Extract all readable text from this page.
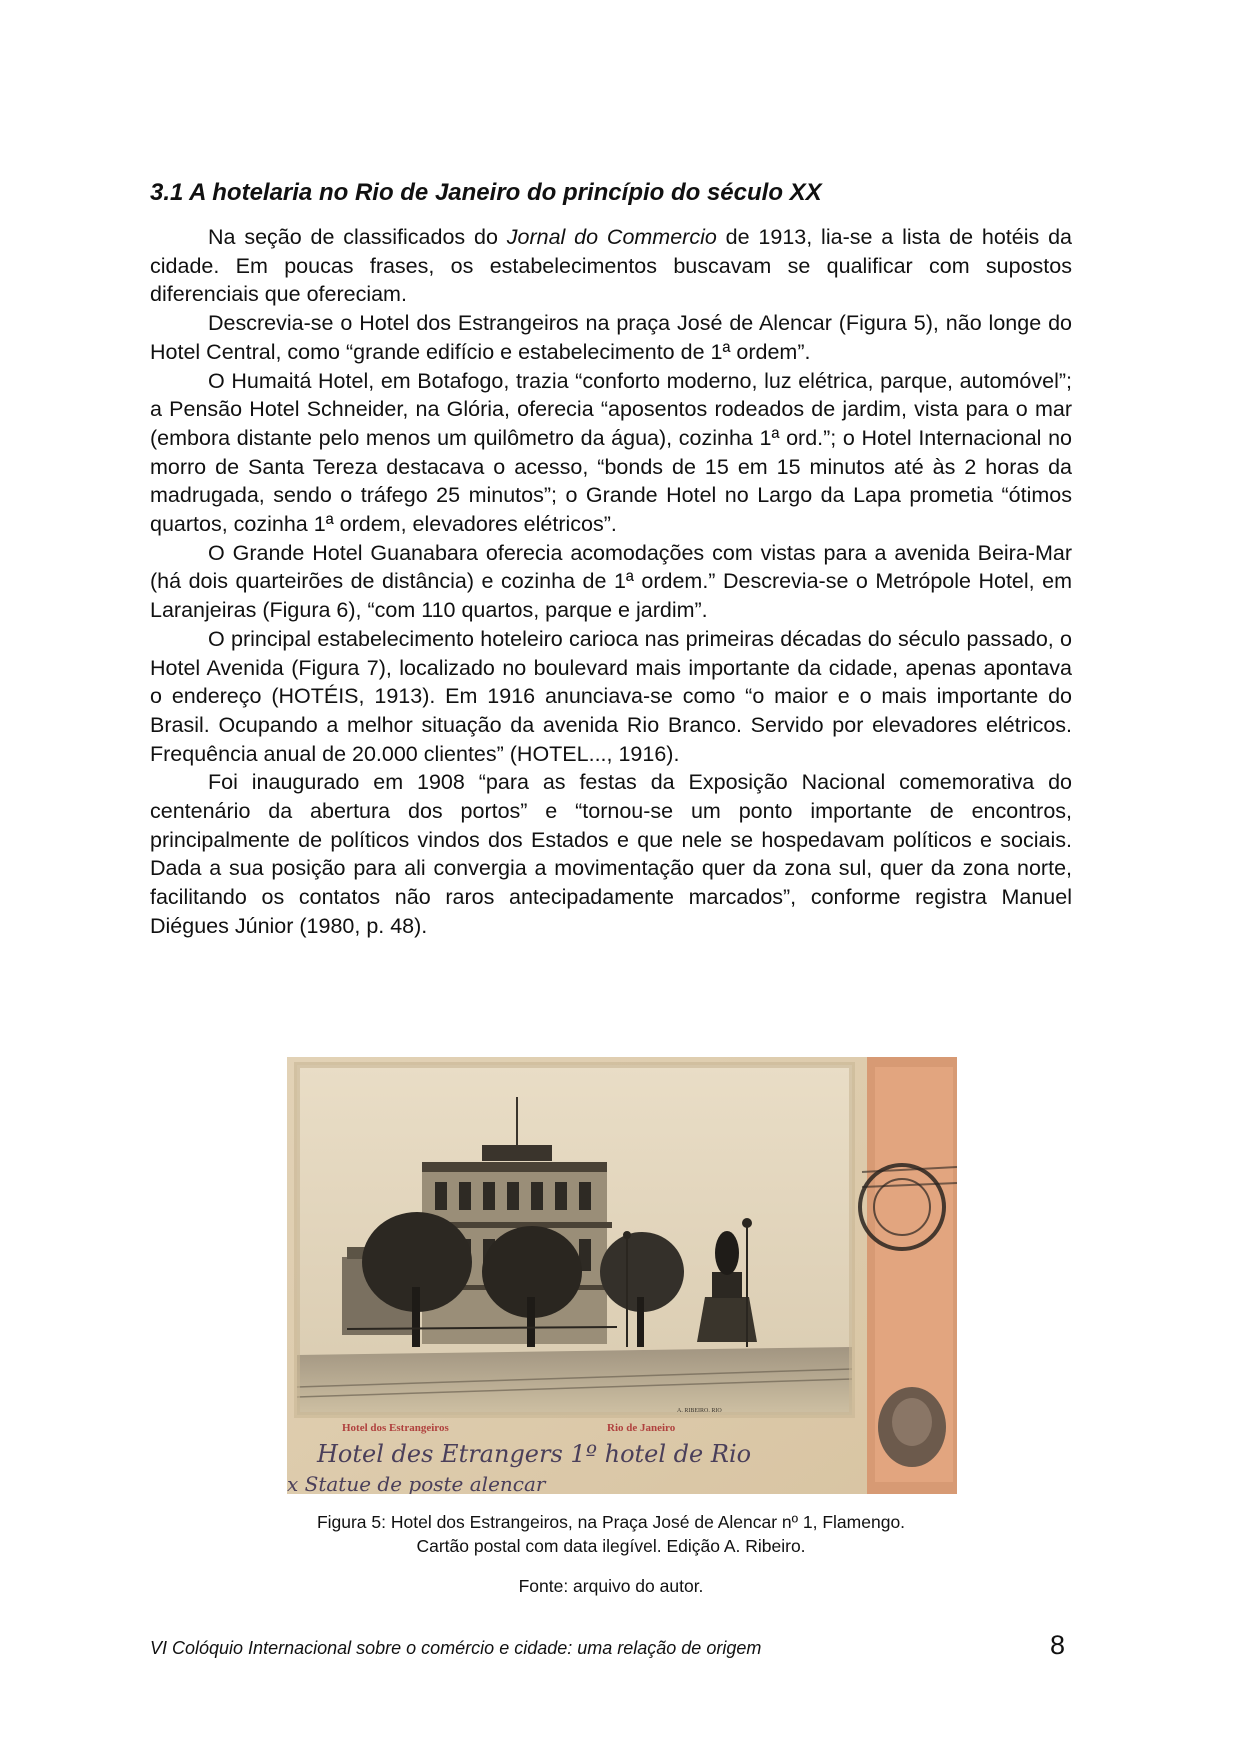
3.1 A hotelaria no Rio de Janeiro do princípio do século XX

Na seção de classificados do Jornal do Commercio de 1913, lia-se a lista de hotéis da cidade. Em poucas frases, os estabelecimentos buscavam se qualificar com supostos diferenciais que ofereciam.

Descrevia-se o Hotel dos Estrangeiros na praça José de Alencar (Figura 5), não longe do Hotel Central, como “grande edifício e estabelecimento de 1ª ordem”.

O Humaitá Hotel, em Botafogo, trazia “conforto moderno, luz elétrica, parque, automóvel”; a Pensão Hotel Schneider, na Glória, oferecia “aposentos rodeados de jardim, vista para o mar (embora distante pelo menos um quilômetro da água), cozinha 1ª ord.”; o Hotel Internacional no morro de Santa Tereza destacava o acesso, “bonds de 15 em 15 minutos até às 2 horas da madrugada, sendo o tráfego 25 minutos”; o Grande Hotel no Largo da Lapa prometia “ótimos quartos, cozinha 1ª ordem, elevadores elétricos”.

O Grande Hotel Guanabara oferecia acomodações com vistas para a avenida Beira-Mar (há dois quarteirões de distância) e cozinha de 1ª ordem.” Descrevia-se o Metrópole Hotel, em Laranjeiras (Figura 6), “com 110 quartos, parque e jardim”.

O principal estabelecimento hoteleiro carioca nas primeiras décadas do século passado, o Hotel Avenida (Figura 7), localizado no boulevard mais importante da cidade, apenas apontava o endereço (HOTÉIS, 1913). Em 1916 anunciava-se como “o maior e o mais importante do Brasil. Ocupando a melhor situação da avenida Rio Branco. Servido por elevadores elétricos. Frequência anual de 20.000 clientes” (HOTEL..., 1916).

Foi inaugurado em 1908 “para as festas da Exposição Nacional comemorativa do centenário da abertura dos portos” e “tornou-se um ponto importante de encontros, principalmente de políticos vindos dos Estados e que nele se hospedavam políticos e sociais. Dada a sua posição para ali convergia a movimentação quer da zona sul, quer da zona norte, facilitando os contatos não raros antecipadamente marcados”, conforme registra Manuel Diégues Júnior (1980, p. 48).

Hotel dos Estrangeiros	Rio de Janeiro
A. RIBEIRO. RIO
Hotel des Etrangers 1º hotel de Rio
x Statue de poste alencar
Figura 5: Hotel dos Estrangeiros, na Praça José de Alencar nº 1, Flamengo.
Cartão postal com data ilegível. Edição A. Ribeiro.
Fonte: arquivo do autor.
VI Colóquio Internacional sobre o comércio e cidade: uma relação de origem	8
